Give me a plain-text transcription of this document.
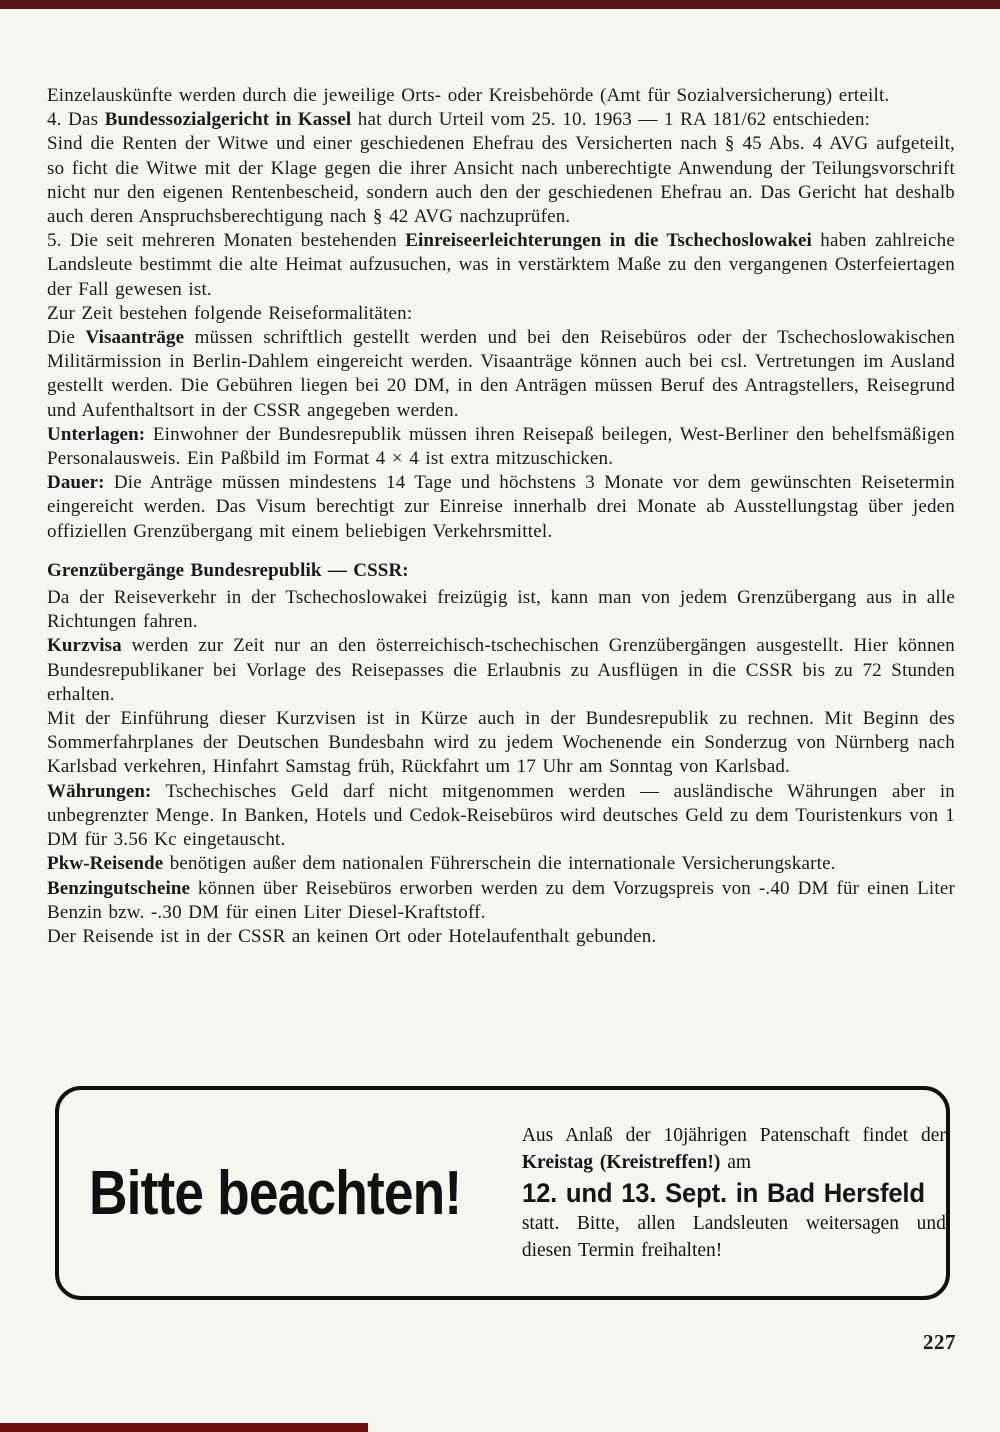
Einzelauskünfte werden durch die jeweilige Orts- oder Kreisbehörde (Amt für Sozialversicherung) erteilt.

4. Das Bundessozialgericht in Kassel hat durch Urteil vom 25. 10. 1963 — 1 RA 181/62 entschieden:

Sind die Renten der Witwe und einer geschiedenen Ehefrau des Versicherten nach § 45 Abs. 4 AVG aufgeteilt, so ficht die Witwe mit der Klage gegen die ihrer Ansicht nach unberechtigte Anwendung der Teilungsvorschrift nicht nur den eigenen Rentenbescheid, sondern auch den der geschiedenen Ehefrau an. Das Gericht hat deshalb auch deren Anspruchsberechtigung nach § 42 AVG nachzuprüfen.

5. Die seit mehreren Monaten bestehenden Einreiseerleichterungen in die Tschechoslowakei haben zahlreiche Landsleute bestimmt die alte Heimat aufzusuchen, was in verstärktem Maße zu den vergangenen Osterfeiertagen der Fall gewesen ist.

Zur Zeit bestehen folgende Reiseformalitäten:

Die Visaanträge müssen schriftlich gestellt werden und bei den Reisebüros oder der Tschechoslowakischen Militärmission in Berlin-Dahlem eingereicht werden. Visaanträge können auch bei csl. Vertretungen im Ausland gestellt werden. Die Gebühren liegen bei 20 DM, in den Anträgen müssen Beruf des Antragstellers, Reisegrund und Aufenthaltsort in der CSSR angegeben werden.

Unterlagen: Einwohner der Bundesrepublik müssen ihren Reisepaß beilegen, West-Berliner den behelfsmäßigen Personalausweis. Ein Paßbild im Format 4 × 4 ist extra mitzuschicken.

Dauer: Die Anträge müssen mindestens 14 Tage und höchstens 3 Monate vor dem gewünschten Reisetermin eingereicht werden. Das Visum berechtigt zur Einreise innerhalb drei Monate ab Ausstellungstag über jeden offiziellen Grenzübergang mit einem beliebigen Verkehrsmittel.

Grenzübergänge Bundesrepublik — CSSR:

Da der Reiseverkehr in der Tschechoslowakei freizügig ist, kann man von jedem Grenzübergang aus in alle Richtungen fahren.

Kurzvisa werden zur Zeit nur an den österreichisch-tschechischen Grenzübergängen ausgestellt. Hier können Bundesrepublikaner bei Vorlage des Reisepasses die Erlaubnis zu Ausflügen in die CSSR bis zu 72 Stunden erhalten.

Mit der Einführung dieser Kurzvisen ist in Kürze auch in der Bundesrepublik zu rechnen. Mit Beginn des Sommerfahrplanes der Deutschen Bundesbahn wird zu jedem Wochenende ein Sonderzug von Nürnberg nach Karlsbad verkehren, Hinfahrt Samstag früh, Rückfahrt um 17 Uhr am Sonntag von Karlsbad.

Währungen: Tschechisches Geld darf nicht mitgenommen werden — ausländische Währungen aber in unbegrenzter Menge. In Banken, Hotels und Cedok-Reisebüros wird deutsches Geld zu dem Touristenkurs von 1 DM für 3.56 Kc eingetauscht.

Pkw-Reisende benötigen außer dem nationalen Führerschein die internationale Versicherungskarte.

Benzingutscheine können über Reisebüros erworben werden zu dem Vorzugspreis von -.40 DM für einen Liter Benzin bzw. -.30 DM für einen Liter Diesel-Kraftstoff.

Der Reisende ist in der CSSR an keinen Ort oder Hotelaufenthalt gebunden.

Bitte beachten!

Aus Anlaß der 10jährigen Patenschaft findet der Kreistag (Kreistreffen!) am

12. und 13. Sept. in Bad Hersfeld

statt. Bitte, allen Landsleuten weitersagen und diesen Termin freihalten!

227
